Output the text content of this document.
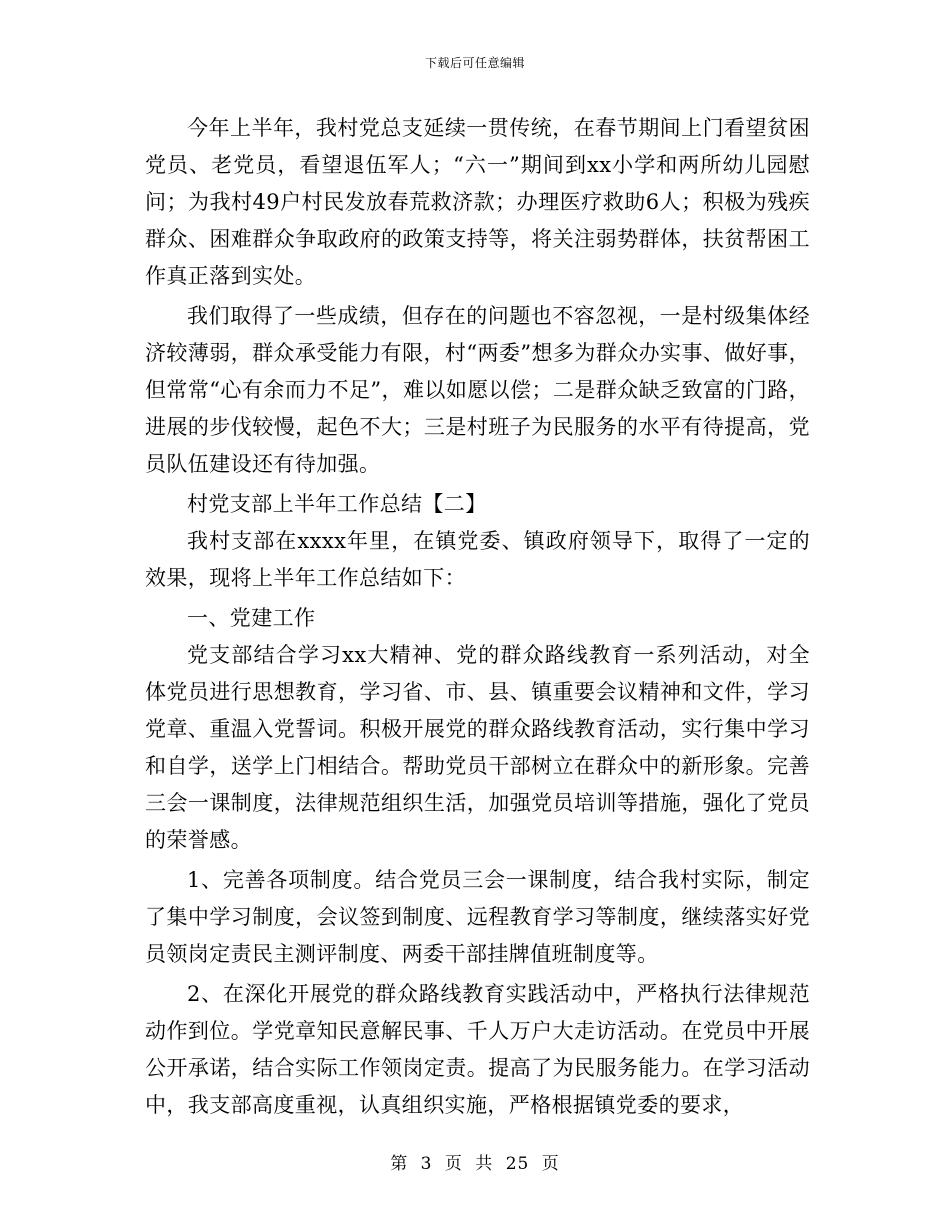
下载后可任意编辑

今年上半年，我村党总支延续一贯传统，在春节期间上门看望贫困党员、老党员，看望退伍军人；“六一”期间到xx小学和两所幼儿园慰问；为我村49户村民发放春荒救济款；办理医疗救助6人；积极为残疾群众、困难群众争取政府的政策支持等，将关注弱势群体，扶贫帮困工作真正落到实处。

我们取得了一些成绩，但存在的问题也不容忽视，一是村级集体经济较薄弱，群众承受能力有限，村“两委”想多为群众办实事、做好事，但常常“心有余而力不足”，难以如愿以偿；二是群众缺乏致富的门路，进展的步伐较慢，起色不大；三是村班子为民服务的水平有待提高，党员队伍建设还有待加强。

村党支部上半年工作总结【二】

我村支部在xxxx年里，在镇党委、镇政府领导下，取得了一定的效果，现将上半年工作总结如下：

一、党建工作

党支部结合学习xx大精神、党的群众路线教育一系列活动，对全体党员进行思想教育，学习省、市、县、镇重要会议精神和文件，学习党章、重温入党誓词。积极开展党的群众路线教育活动，实行集中学习和自学，送学上门相结合。帮助党员干部树立在群众中的新形象。完善三会一课制度，法律规范组织生活，加强党员培训等措施，强化了党员的荣誉感。

1、完善各项制度。结合党员三会一课制度，结合我村实际，制定了集中学习制度，会议签到制度、远程教育学习等制度，继续落实好党员领岗定责民主测评制度、两委干部挂牌值班制度等。

2、在深化开展党的群众路线教育实践活动中，严格执行法律规范动作到位。学党章知民意解民事、千人万户大走访活动。在党员中开展公开承诺，结合实际工作领岗定责。提高了为民服务能力。在学习活动中，我支部高度重视，认真组织实施，严格根据镇党委的要求，

第 3 页 共 25 页
